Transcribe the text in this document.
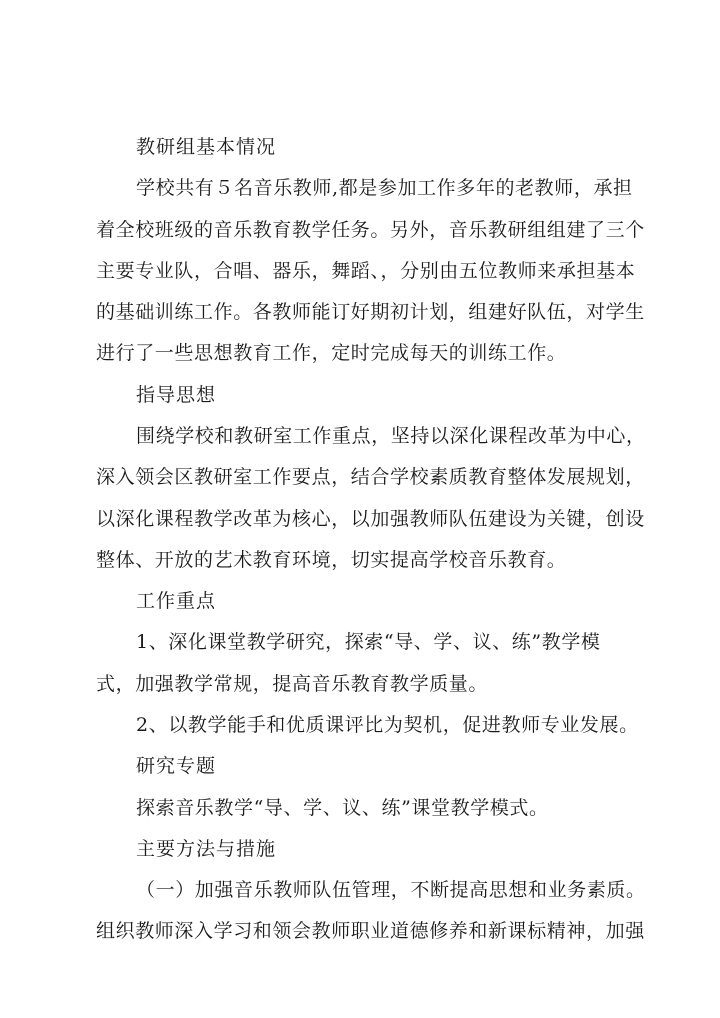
教研组基本情况
学校共有５名音乐教师,都是参加工作多年的老教师，承担
着全校班级的音乐教育教学任务。另外，音乐教研组组建了三个
主要专业队，合唱、器乐，舞蹈、，分别由五位教师来承担基本
的基础训练工作。各教师能订好期初计划，组建好队伍，对学生
进行了一些思想教育工作，定时完成每天的训练工作。
指导思想
围绕学校和教研室工作重点，坚持以深化课程改革为中心，
深入领会区教研室工作要点，结合学校素质教育整体发展规划，
以深化课程教学改革为核心，以加强教师队伍建设为关键，创设
整体、开放的艺术教育环境，切实提高学校音乐教育。
工作重点
1、深化课堂教学研究，探索“导、学、议、练”教学模
式，加强教学常规，提高音乐教育教学质量。
2、以教学能手和优质课评比为契机，促进教师专业发展。
研究专题
探索音乐教学“导、学、议、练”课堂教学模式。
主要方法与措施
（一）加强音乐教师队伍管理，不断提高思想和业务素质。
组织教师深入学习和领会教师职业道德修养和新课标精神，加强
